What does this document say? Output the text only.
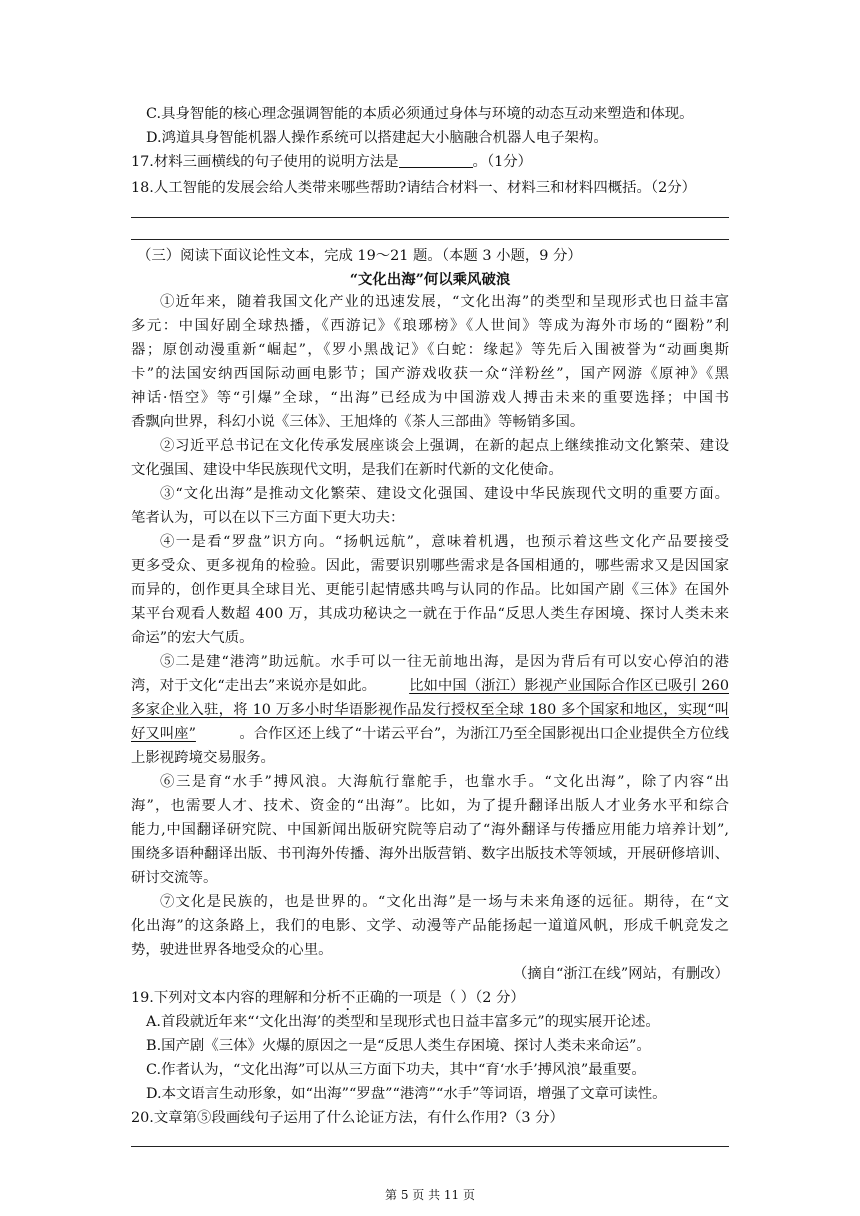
C.具身智能的核心理念强调智能的本质必须通过身体与环境的动态互动来塑造和体现。
D.鸿道具身智能机器人操作系统可以搭建起大小脑融合机器人电子架构。
17.材料三画横线的句子使用的说明方法是	。（1分）
18.人工智能的发展会给人类带来哪些帮助?请结合材料一、材料三和材料四概括。（2分）
（三）阅读下面议论性文本，完成 19～21 题。（本题 3 小题，9 分）
“文化出海”何以乘风破浪
①近年来，随着我国文化产业的迅速发展，“文化出海”的类型和呈现形式也日益丰富
多元：中国好剧全球热播，《西游记》《琅琊榜》《人世间》等成为海外市场的“圈粉”利
器；原创动漫重新“崛起”，《罗小黑战记》《白蛇：缘起》等先后入围被誉为“动画奥斯
卡”的法国安纳西国际动画电影节；国产游戏收获一众“洋粉丝”，国产网游《原神》《黑
神话·悟空》等“引爆”全球，“出海”已经成为中国游戏人搏击未来的重要选择；中国书
香飘向世界，科幻小说《三体》、王旭烽的《茶人三部曲》等畅销多国。
②习近平总书记在文化传承发展座谈会上强调，在新的起点上继续推动文化繁荣、建设
文化强国、建设中华民族现代文明，是我们在新时代新的文化使命。
③“文化出海”是推动文化繁荣、建设文化强国、建设中华民族现代文明的重要方面。
笔者认为，可以在以下三方面下更大功夫：
④一是看“罗盘”识方向。“扬帆远航”，意味着机遇，也预示着这些文化产品要接受
更多受众、更多视角的检验。因此，需要识别哪些需求是各国相通的，哪些需求又是因国家
而异的，创作更具全球目光、更能引起情感共鸣与认同的作品。比如国产剧《三体》在国外
某平台观看人数超 400 万，其成功秘诀之一就在于作品“反思人类生存困境、探讨人类未来
命运”的宏大气质。
⑤二是建“港湾”助远航。水手可以一往无前地出海，是因为背后有可以安心停泊的港
湾，对于文化“走出去”来说亦是如此。 比如中国（浙江）影视产业国际合作区已吸引 260
多家企业入驻，将 10 万多小时华语影视作品发行授权至全球 180 多个国家和地区，实现“叫
好又叫座”	。合作区还上线了“十诺云平台”，为浙江乃至全国影视出口企业提供全方位线
上影视跨境交易服务。
⑥三是育“水手”搏风浪。大海航行靠舵手，也靠水手。“文化出海”，除了内容“出
海”，也需要人才、技术、资金的“出海”。比如，为了提升翻译出版人才业务水平和综合
能力,中国翻译研究院、中国新闻出版研究院等启动了“海外翻译与传播应用能力培养计划”,
围绕多语种翻译出版、书刊海外传播、海外出版营销、数字出版技术等领域，开展研修培训、
研讨交流等。
⑦文化是民族的，也是世界的。“文化出海”是一场与未来角逐的远征。期待，在“文
化出海”的这条路上，我们的电影、文学、动漫等产品能扬起一道道风帆，形成千帆竞发之
势，驶进世界各地受众的心里。
（摘自“浙江在线”网站，有删改）
19.下列对文本内容的理解和分析不正确的一项是（ ）（2 分）
A.首段就近年来“‘文化出海’的类型和呈现形式也日益丰富多元”的现实展开论述。
B.国产剧《三体》火爆的原因之一是“反思人类生存困境、探讨人类未来命运”。
C.作者认为，“文化出海”可以从三方面下功夫，其中“育‘水手’搏风浪”最重要。
D.本文语言生动形象，如“出海”“罗盘”“港湾”“水手”等词语，增强了文章可读性。
20.文章第⑤段画线句子运用了什么论证方法，有什么作用?（3 分）
第 5 页 共 11 页
